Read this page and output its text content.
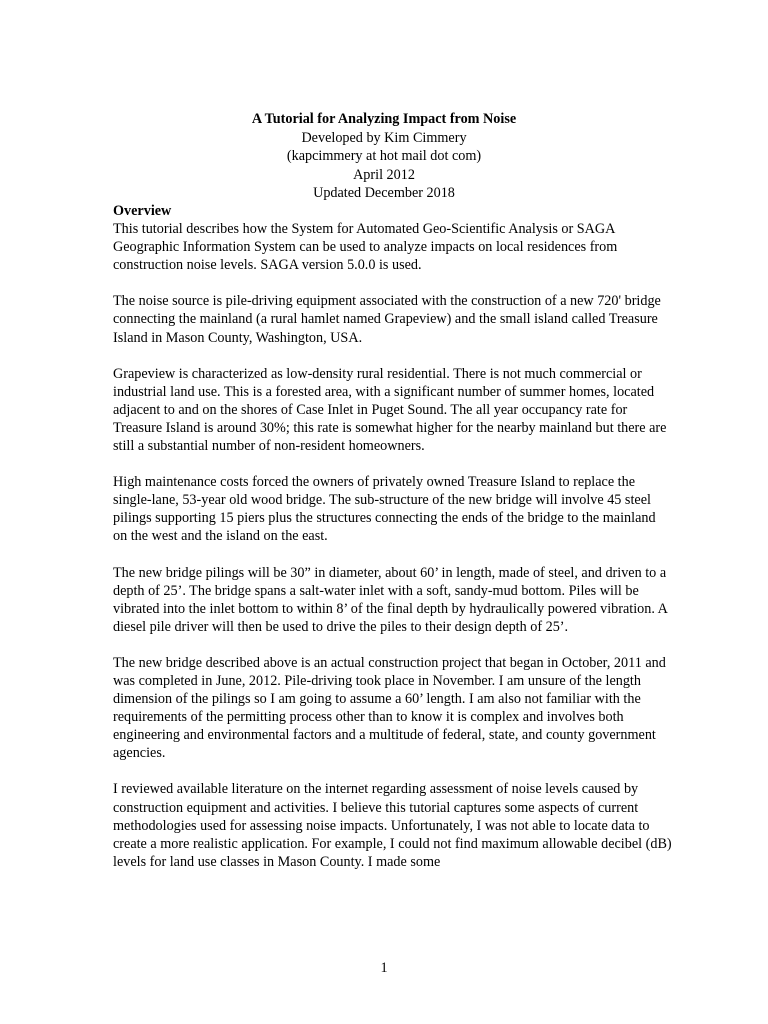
A Tutorial for Analyzing Impact from Noise
Developed by Kim Cimmery
(kapcimmery at hot mail dot com)
April 2012
Updated December 2018
Overview

This tutorial describes how the System for Automated Geo-Scientific Analysis or SAGA Geographic Information System can be used to analyze impacts on local residences from construction noise levels. SAGA version 5.0.0 is used.

The noise source is pile-driving equipment associated with the construction of a new 720' bridge connecting the mainland (a rural hamlet named Grapeview) and the small island called Treasure Island in Mason County, Washington, USA.

Grapeview is characterized as low-density rural residential. There is not much commercial or industrial land use. This is a forested area, with a significant number of summer homes, located adjacent to and on the shores of Case Inlet in Puget Sound. The all year occupancy rate for Treasure Island is around 30%; this rate is somewhat higher for the nearby mainland but there are still a substantial number of non-resident homeowners.

High maintenance costs forced the owners of privately owned Treasure Island to replace the single-lane, 53-year old wood bridge. The sub-structure of the new bridge will involve 45 steel pilings supporting 15 piers plus the structures connecting the ends of the bridge to the mainland on the west and the island on the east.

The new bridge pilings will be 30” in diameter, about 60’ in length, made of steel, and driven to a depth of 25’. The bridge spans a salt-water inlet with a soft, sandy-mud bottom. Piles will be vibrated into the inlet bottom to within 8’ of the final depth by hydraulically powered vibration. A diesel pile driver will then be used to drive the piles to their design depth of 25’.

The new bridge described above is an actual construction project that began in October, 2011 and was completed in June, 2012. Pile-driving took place in November. I am unsure of the length dimension of the pilings so I am going to assume a 60’ length. I am also not familiar with the requirements of the permitting process other than to know it is complex and involves both engineering and environmental factors and a multitude of federal, state, and county government agencies.

I reviewed available literature on the internet regarding assessment of noise levels caused by construction equipment and activities. I believe this tutorial captures some aspects of current methodologies used for assessing noise impacts. Unfortunately, I was not able to locate data to create a more realistic application. For example, I could not find maximum allowable decibel (dB) levels for land use classes in Mason County. I made some

1
